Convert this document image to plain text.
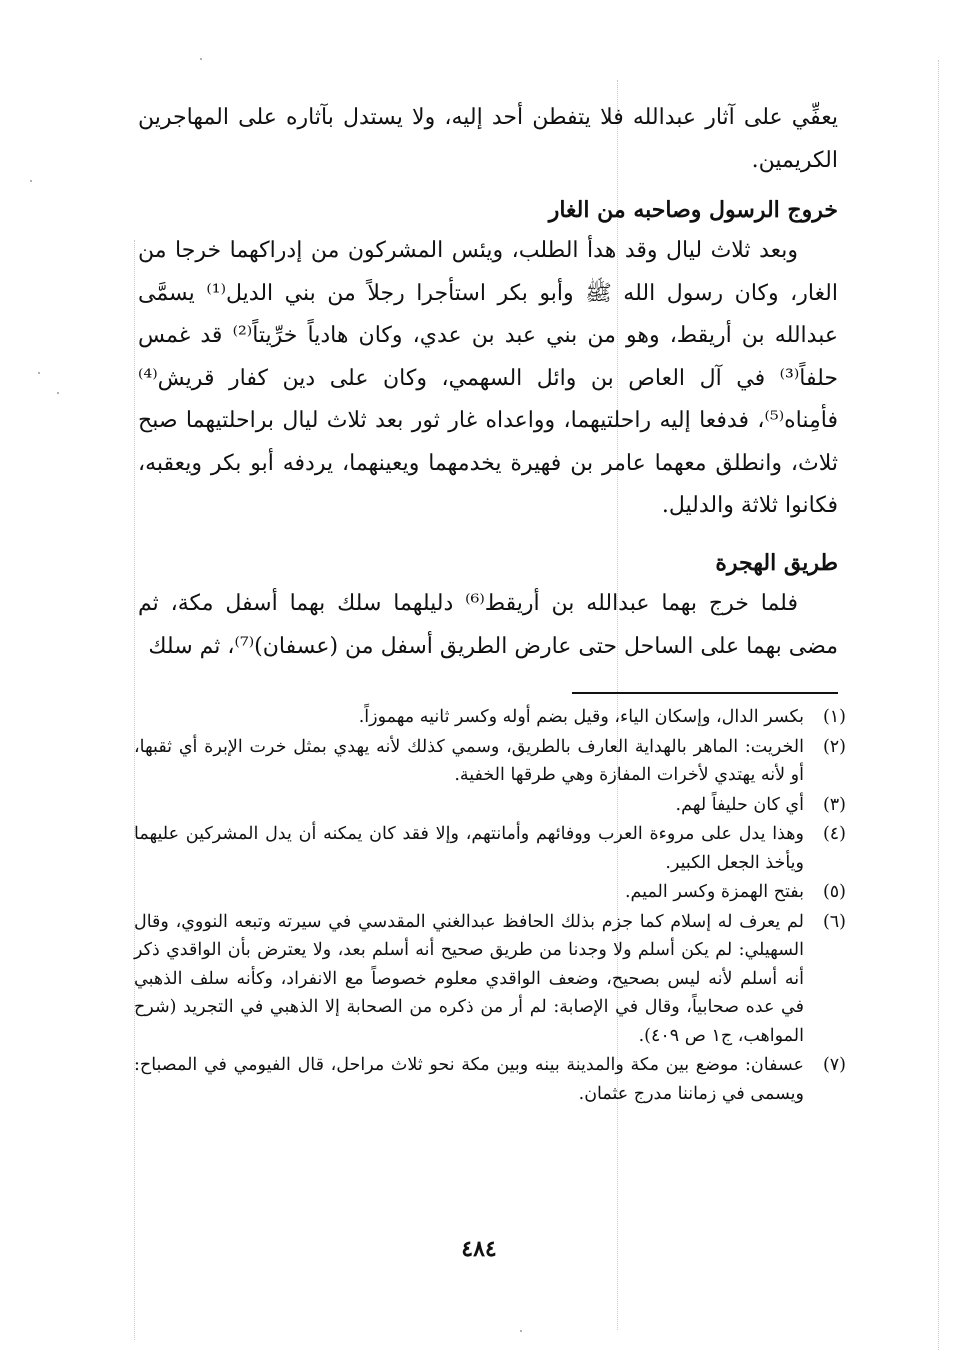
يعفِّي على آثار عبدالله فلا يتفطن أحد إليه، ولا يستدل بآثاره على المهاجرين الكريمين.

خروج الرسول وصاحبه من الغار

وبعد ثلاث ليال وقد هدأ الطلب، ويئس المشركون من إدراكهما خرجا من الغار، وكان رسول الله ﷺ وأبو بكر استأجرا رجلاً من بني الديل⁽¹⁾ يسمَّى عبدالله بن أريقط، وهو من بني عبد بن عدي، وكان هادياً خرِّيتاً⁽²⁾ قد غمس حلفاً⁽³⁾ في آل العاص بن وائل السهمي، وكان على دين كفار قريش⁽⁴⁾ فأمِناه⁽⁵⁾، فدفعا إليه راحلتيهما، وواعداه غار ثور بعد ثلاث ليال براحلتيهما صبح ثلاث، وانطلق معهما عامر بن فهيرة يخدمهما ويعينهما، يردفه أبو بكر ويعقبه، فكانوا ثلاثة والدليل.

طريق الهجرة

فلما خرج بهما عبدالله بن أريقط⁽⁶⁾ دليلهما سلك بهما أسفل مكة، ثم مضى بهما على الساحل حتى عارض الطريق أسفل من (عسفان)⁽⁷⁾، ثم سلك

(١)
بكسر الدال، وإسكان الياء، وقيل بضم أوله وكسر ثانيه مهموزاً.
(٢)
الخريت: الماهر بالهداية العارف بالطريق، وسمي كذلك لأنه يهدي بمثل خرت الإبرة أي ثقبها، أو لأنه يهتدي لأخرات المفازة وهي طرقها الخفية.
(٣)
أي كان حليفاً لهم.
(٤)
وهذا يدل على مروءة العرب ووفائهم وأمانتهم، وإلا فقد كان يمكنه أن يدل المشركين عليهما ويأخذ الجعل الكبير.
(٥)
بفتح الهمزة وكسر الميم.
(٦)
لم يعرف له إسلام كما جزم بذلك الحافظ عبدالغني المقدسي في سيرته وتبعه النووي، وقال السهيلي: لم يكن أسلم ولا وجدنا من طريق صحيح أنه أسلم بعد، ولا يعترض بأن الواقدي ذكر أنه أسلم لأنه ليس بصحيح، وضعف الواقدي معلوم خصوصاً مع الانفراد، وكأنه سلف الذهبي في عده صحابياً، وقال في الإصابة: لم أر من ذكره من الصحابة إلا الذهبي في التجريد (شرح المواهب، ج١ ص ٤٠٩).
(٧)
عسفان: موضع بين مكة والمدينة بينه وبين مكة نحو ثلاث مراحل، قال الفيومي في المصباح: ويسمى في زماننا مدرج عثمان.
٤٨٤
